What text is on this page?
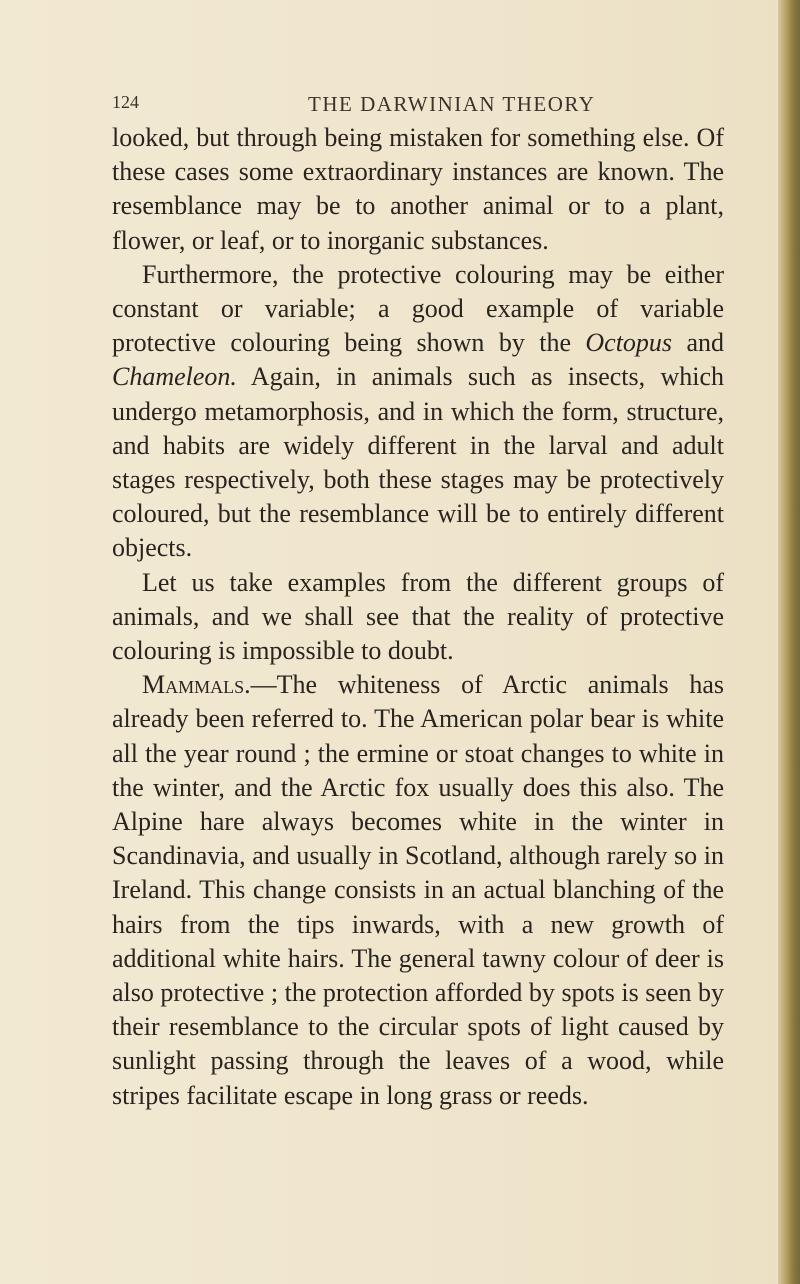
124	THE DARWINIAN THEORY

looked, but through being mistaken for something else. Of these cases some extraordinary instances are known. The resemblance may be to another animal or to a plant, flower, or leaf, or to inorganic substances.

Furthermore, the protective colouring may be either constant or variable; a good example of variable protective colouring being shown by the Octopus and Chameleon. Again, in animals such as insects, which undergo metamorphosis, and in which the form, structure, and habits are widely different in the larval and adult stages respectively, both these stages may be protectively coloured, but the resemblance will be to entirely different objects.

Let us take examples from the different groups of animals, and we shall see that the reality of protective colouring is impossible to doubt.

Mammals.—The whiteness of Arctic animals has already been referred to. The American polar bear is white all the year round ; the ermine or stoat changes to white in the winter, and the Arctic fox usually does this also. The Alpine hare always becomes white in the winter in Scandinavia, and usually in Scotland, although rarely so in Ireland. This change consists in an actual blanching of the hairs from the tips inwards, with a new growth of additional white hairs. The general tawny colour of deer is also protective ; the protection afforded by spots is seen by their resemblance to the circular spots of light caused by sunlight passing through the leaves of a wood, while stripes facilitate escape in long grass or reeds.
